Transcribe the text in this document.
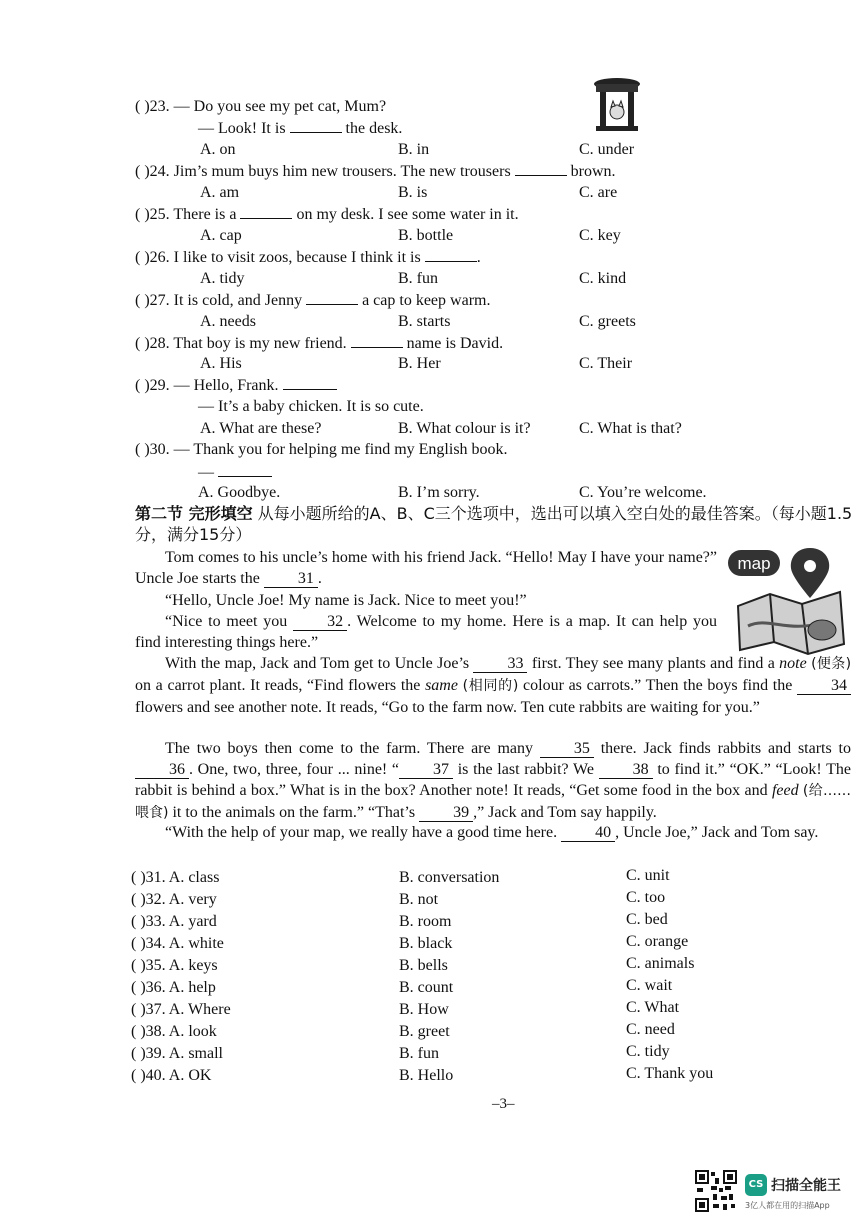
( )23. — Do you see my pet cat, Mum?
— Look! It is	the desk.
A. on	B. in	C. under
( )24. Jim’s mum buys him new trousers. The new trousers	brown.
A. am	B. is	C. are
( )25. There is a	on my desk. I see some water in it.
A. cap	B. bottle	C. key
( )26. I like to visit zoos, because I think it is	.
A. tidy	B. fun	C. kind
( )27. It is cold, and Jenny	a cap to keep warm.
A. needs	B. starts	C. greets
( )28. That boy is my new friend.	name is David.
A. His	B. Her	C. Their
( )29. — Hello, Frank.
— It’s a baby chicken. It is so cute.
A. What are these?	B. What colour is it?	C. What is that?
( )30. — Thank you for helping me find my English book.
—
A. Goodbye.	B. I’m sorry.	C. You’re welcome.
第二节 完形填空 从每小题所给的A、B、C三个选项中，选出可以填入空白处的最佳答案。（每小题1.5分，满分15分）
map
Tom comes to his uncle’s home with his friend Jack. “Hello! May I have your name?” Uncle Joe starts the 31 .
“Hello, Uncle Joe! My name is Jack. Nice to meet you!”
“Nice to meet you 32 . Welcome to my home. Here is a map. It can help you find interesting things here.”
With the map, Jack and Tom get to Uncle Joe’s 33 first. They see many plants and find a note (便条) on a carrot plant. It reads, “Find flowers the same (相同的) colour as carrots.” Then the boys find the 34 flowers and see another note. It reads, “Go to the farm now. Ten cute rabbits are waiting for you.”
The two boys then come to the farm. There are many	35 there. Jack finds rabbits and starts to 36 . One, two, three, four ... nine! “ 37 is the last rabbit? We 38 to find it.” “OK.” “Look! The rabbit is behind a box.” What is in the box? Another note! It reads, “Get some food in the box and feed (给……喂食) it to the animals on the farm.” “That’s 39 ,” Jack and Tom say happily.
“With the help of your map, we really have a good time here. 40 , Uncle Joe,” Jack and Tom say.
( )31. A. class	B. conversation	C. unit
( )32. A. very	B. not	C. too
( )33. A. yard	B. room	C. bed
( )34. A. white	B. black	C. orange
( )35. A. keys	B. bells	C. animals
( )36. A. help	B. count	C. wait
( )37. A. Where	B. How	C. What
( )38. A. look	B. greet	C. need
( )39. A. small	B. fun	C. tidy
( )40. A. OK	B. Hello	C. Thank you
–3–
CS 扫描全能王
3亿人都在用的扫描App
